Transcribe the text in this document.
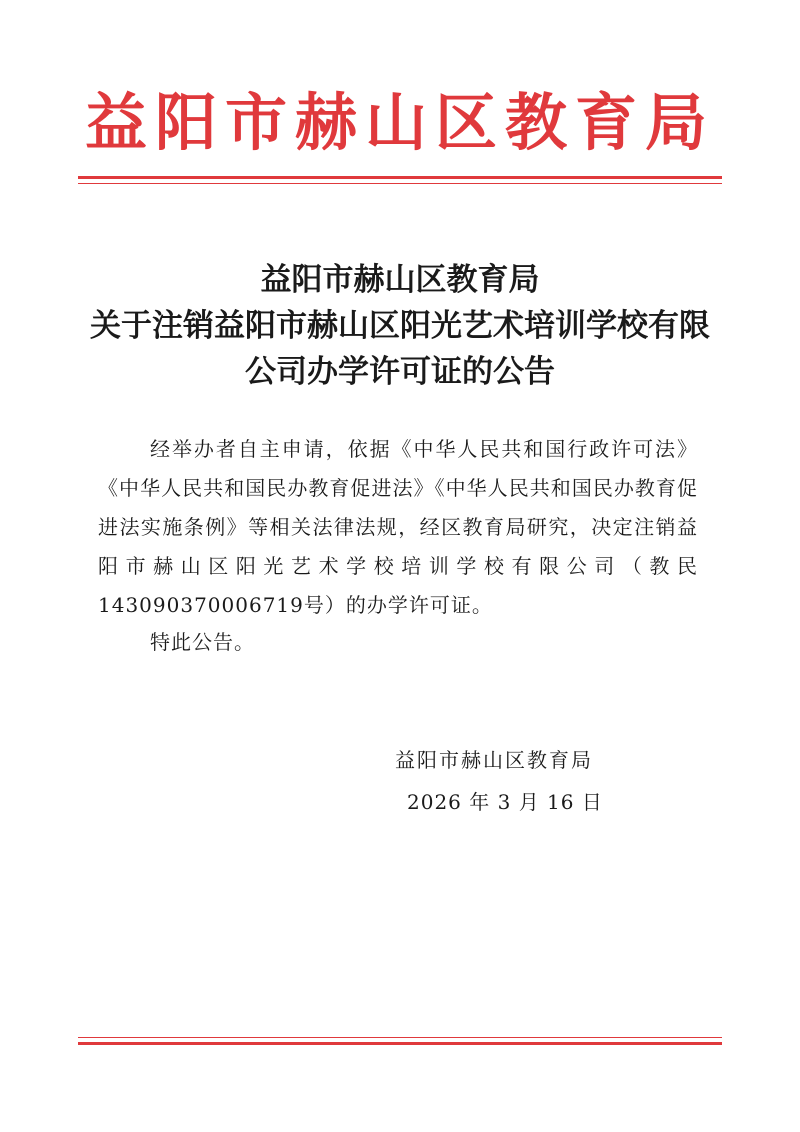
益阳市赫山区教育局
益阳市赫山区教育局
关于注销益阳市赫山区阳光艺术培训学校有限
公司办学许可证的公告

经举办者自主申请，依据《中华人民共和国行政许可法》《中华人民共和国民办教育促进法》《中华人民共和国民办教育促进法实施条例》等相关法律法规，经区教育局研究，决定注销益阳市赫山区阳光艺术学校培训学校有限公司（教民143090370006719号）的办学许可证。

特此公告。
益阳市赫山区教育局
2026 年 3 月 16 日
